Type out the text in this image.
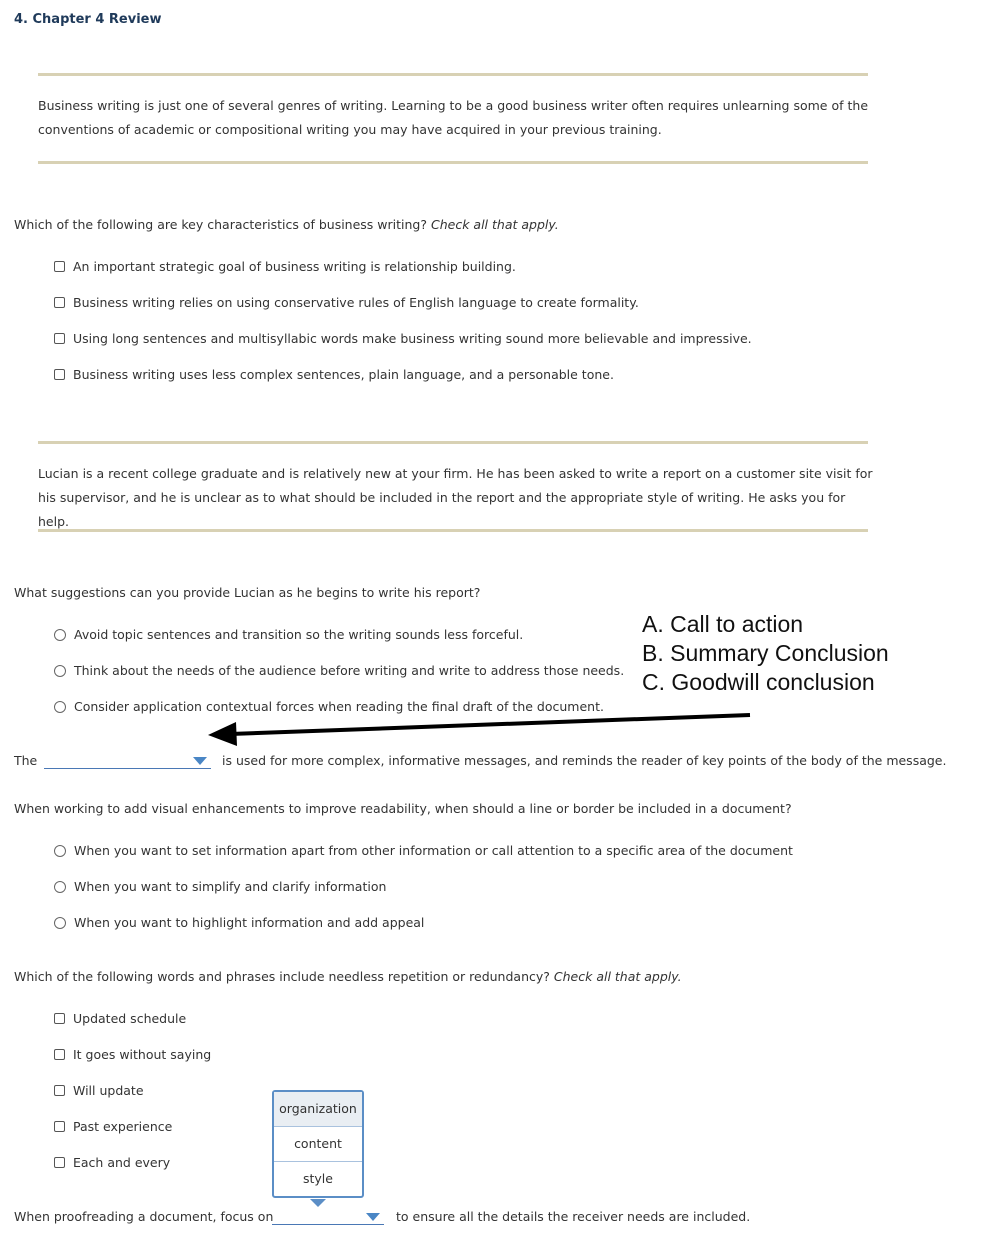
4. Chapter 4 Review
Business writing is just one of several genres of writing. Learning to be a good business writer often requires unlearning some of the conventions of academic or compositional writing you may have acquired in your previous training.
Which of the following are key characteristics of business writing? Check all that apply.
An important strategic goal of business writing is relationship building.
Business writing relies on using conservative rules of English language to create formality.
Using long sentences and multisyllabic words make business writing sound more believable and impressive.
Business writing uses less complex sentences, plain language, and a personable tone.
Lucian is a recent college graduate and is relatively new at your firm. He has been asked to write a report on a customer site visit for his supervisor, and he is unclear as to what should be included in the report and the appropriate style of writing. He asks you for help.
What suggestions can you provide Lucian as he begins to write his report?
Avoid topic sentences and transition so the writing sounds less forceful.
Think about the needs of the audience before writing and write to address those needs.
Consider application contextual forces when reading the final draft of the document.
A. Call to action
B. Summary Conclusion
C. Goodwill conclusion
The	is used for more complex, informative messages, and reminds the reader of key points of the body of the message.
When working to add visual enhancements to improve readability, when should a line or border be included in a document?
When you want to set information apart from other information or call attention to a specific area of the document
When you want to simplify and clarify information
When you want to highlight information and add appeal
Which of the following words and phrases include needless repetition or redundancy? Check all that apply.
Updated schedule
It goes without saying
Will update
Past experience
Each and every
organization
content
style
When proofreading a document, focus on	to ensure all the details the receiver needs are included.
